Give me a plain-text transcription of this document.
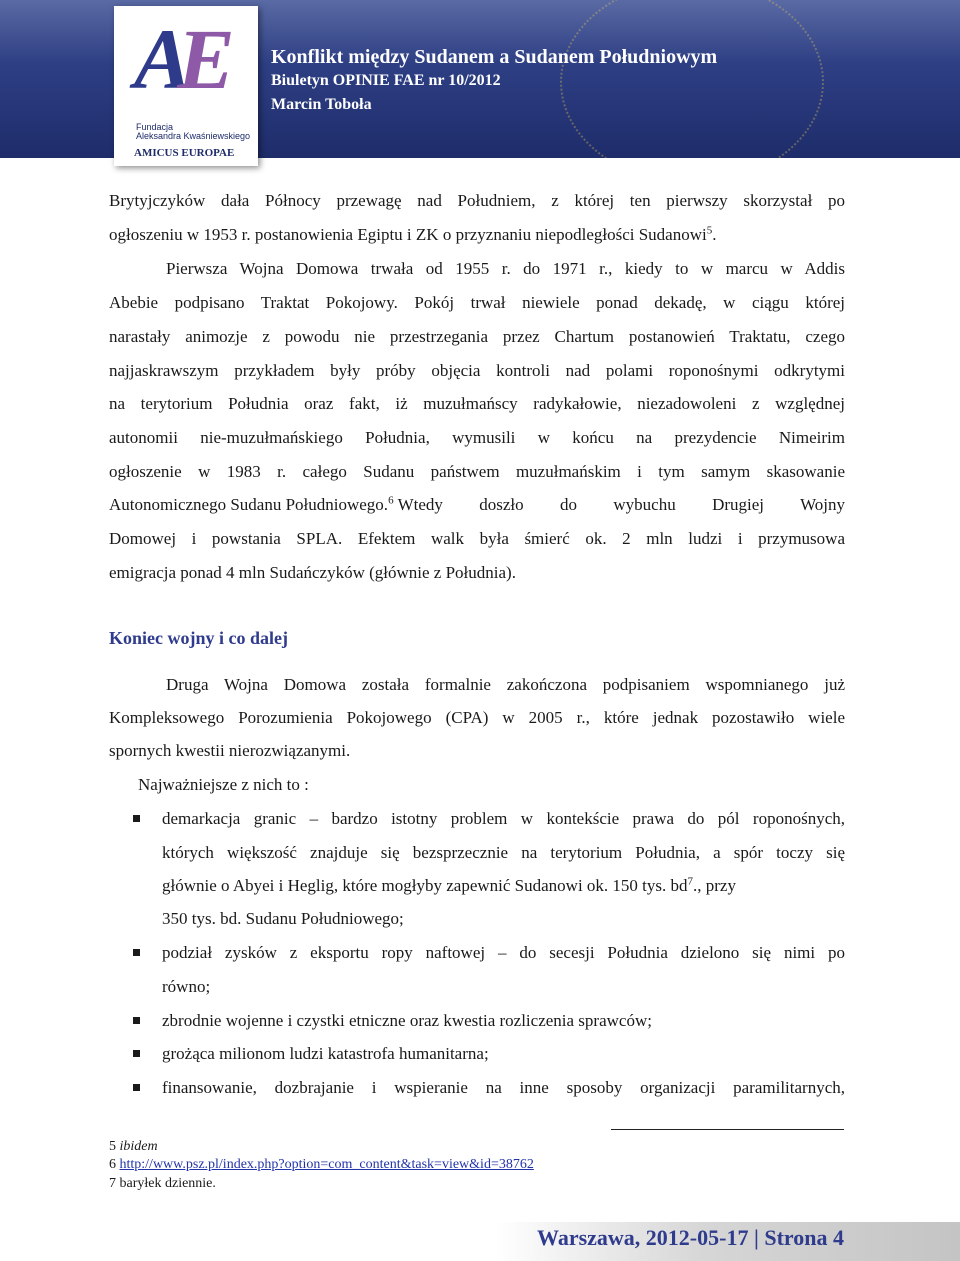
Konflikt między Sudanem a Sudanem Południowym
Biuletyn OPINIE FAE nr 10/2012
Marcin Toboła
AE
Fundacja
Aleksandra Kwaśniewskiego
AMICUS EUROPAE
Brytyjczyków dała Północy przewagę nad Południem, z której ten pierwszy skorzystał po
ogłoszeniu w 1953 r. postanowienia Egiptu i ZK o przyznaniu niepodległości Sudanowi$^5$.
Pierwsza Wojna Domowa trwała od 1955 r. do 1971 r., kiedy to w marcu w Addis
Abebie podpisano Traktat Pokojowy. Pokój trwał niewiele ponad dekadę, w ciągu której
narastały animozje z powodu nie przestrzegania przez Chartum postanowień Traktatu, czego
najjaskrawszym przykładem były próby objęcia kontroli nad polami roponośnymi odkrytymi
na terytorium Południa oraz fakt, iż muzułmańscy radykałowie, niezadowoleni z względnej
autonomii nie-muzułmańskiego Południa, wymusili w końcu na prezydencie Nimeirim
ogłoszenie w 1983 r. całego Sudanu państwem muzułmańskim i tym samym skasowanie
Autonomicznego Sudanu Południowego.$^6$ Wtedy doszło do wybuchu Drugiej Wojny
Domowej i powstania SPLA. Efektem walk była śmierć ok. 2 mln ludzi i przymusowa
emigracja ponad 4 mln Sudańczyków (głównie z Południa).
Koniec wojny i co dalej
Druga Wojna Domowa została formalnie zakończona podpisaniem wspomnianego już
Kompleksowego Porozumienia Pokojowego (CPA) w 2005 r., które jednak pozostawiło wiele
spornych kwestii nierozwiązanymi.
Najważniejsze z nich to :
demarkacja granic – bardzo istotny problem w kontekście prawa do pól roponośnych,
których większość znajduje się bezsprzecznie na terytorium Południa, a spór toczy się
głównie o Abyei i Heglig, które mogłyby zapewnić Sudanowi ok. 150 tys. $bd^7$., przy
350 tys. bd. Sudanu Południowego;
podział zysków z eksportu ropy naftowej – do secesji Południa dzielono się nimi po
równo;
zbrodnie wojenne i czystki etniczne oraz kwestia rozliczenia sprawców;
grożąca milionom ludzi katastrofa humanitarna;
finansowanie, dozbrajanie i wspieranie na inne sposoby organizacji paramilitarnych,
5 ibidem
6 http://www.psz.pl/index.php?option=com_content&task=view&id=38762
7 baryłek dziennie.
Warszawa, 2012-05-17 | Strona 4
